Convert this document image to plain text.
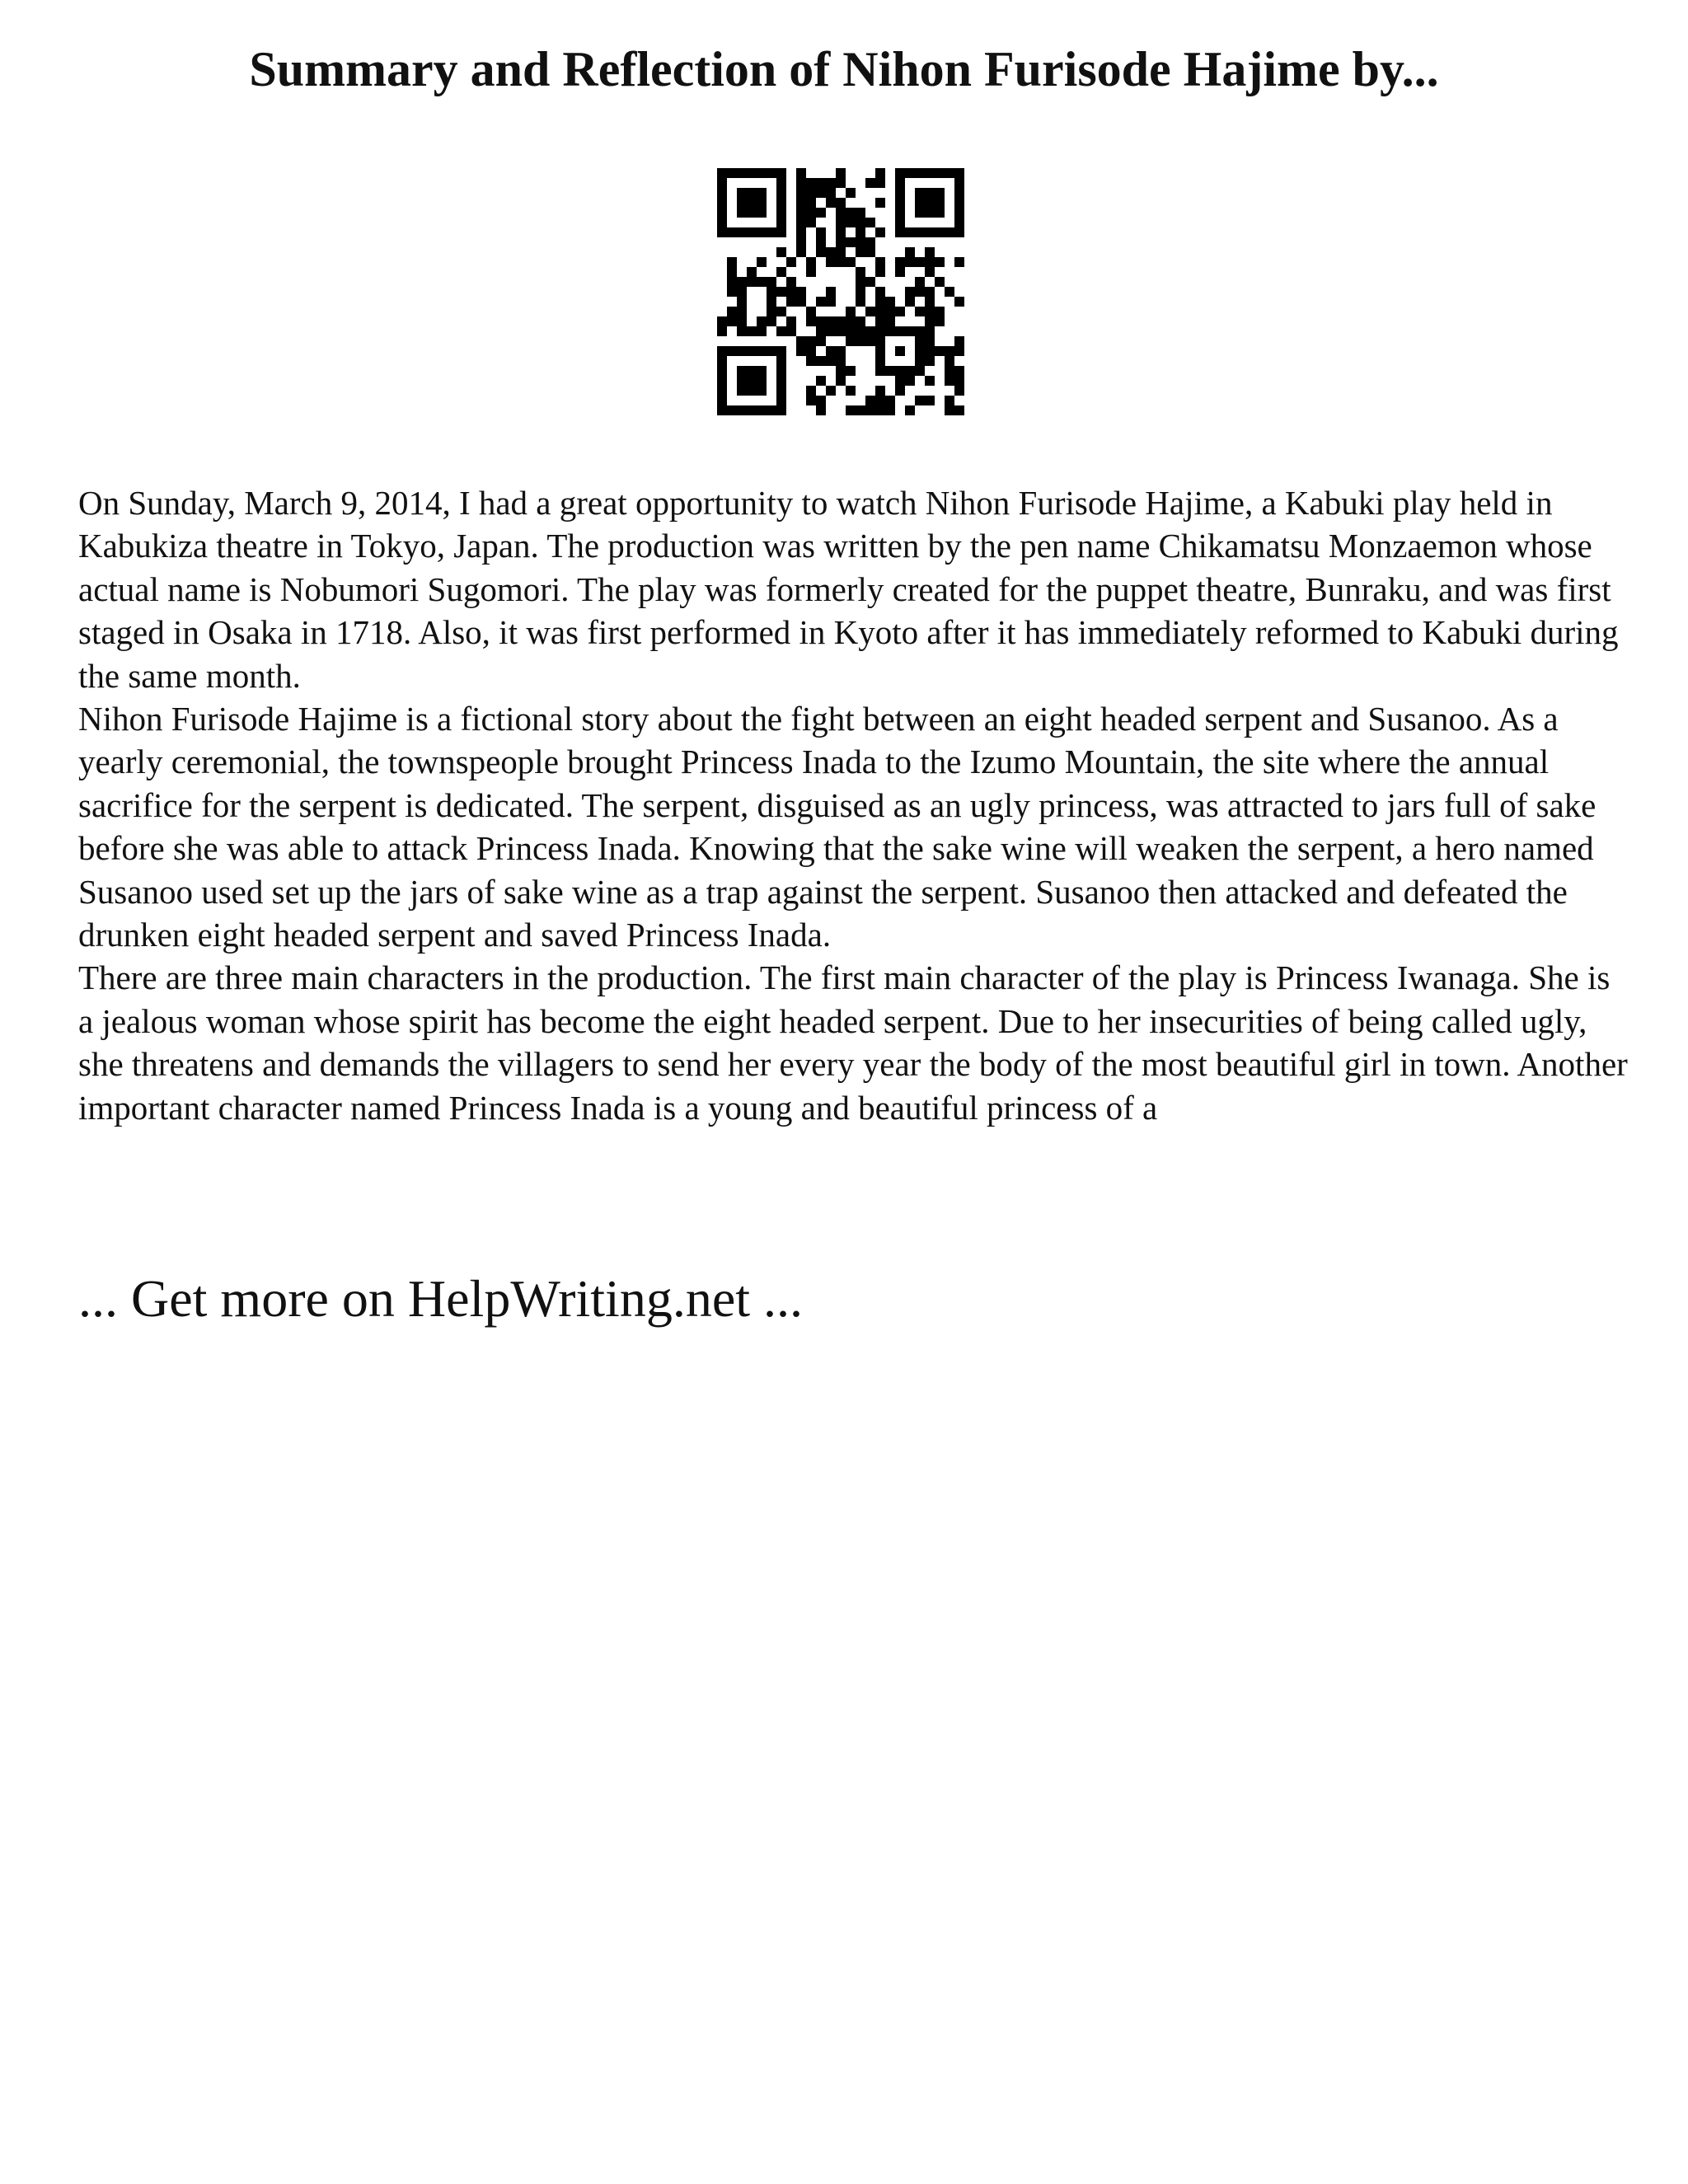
Summary and Reflection of Nihon Furisode Hajime by...

On Sunday, March 9, 2014, I had a great opportunity to watch Nihon Furisode Hajime, a Kabuki play held in Kabukiza theatre in Tokyo, Japan. The production was written by the pen name Chikamatsu Monzaemon whose actual name is Nobumori Sugomori. The play was formerly created for the puppet theatre, Bunraku, and was first staged in Osaka in 1718. Also, it was first performed in Kyoto after it has immediately reformed to Kabuki during the same month.

Nihon Furisode Hajime is a fictional story about the fight between an eight headed serpent and Susanoo. As a yearly ceremonial, the townspeople brought Princess Inada to the Izumo Mountain, the site where the annual sacrifice for the serpent is dedicated. The serpent, disguised as an ugly princess, was attracted to jars full of sake before she was able to attack Princess Inada. Knowing that the sake wine will weaken the serpent, a hero named Susanoo used set up the jars of sake wine as a trap against the serpent. Susanoo then attacked and defeated the drunken eight headed serpent and saved Princess Inada.

There are three main characters in the production. The first main character of the play is Princess Iwanaga. She is a jealous woman whose spirit has become the eight headed serpent. Due to her insecurities of being called ugly, she threatens and demands the villagers to send her every year the body of the most beautiful girl in town. Another important character named Princess Inada is a young and beautiful princess of a

... Get more on HelpWriting.net ...
